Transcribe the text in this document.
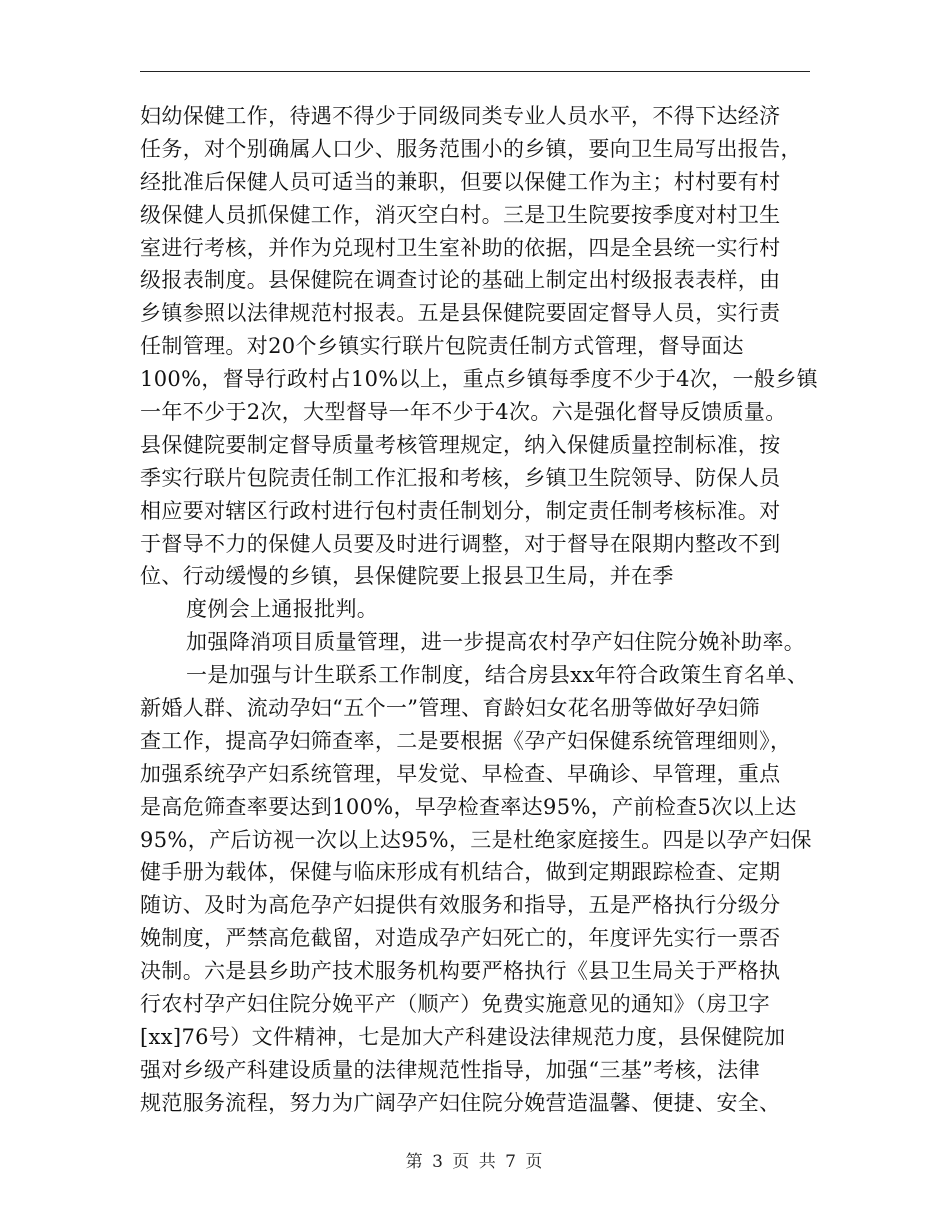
妇幼保健工作，待遇不得少于同级同类专业人员水平，不得下达经济
任务，对个别确属人口少、服务范围小的乡镇，要向卫生局写出报告，
经批准后保健人员可适当的兼职，但要以保健工作为主；村村要有村
级保健人员抓保健工作，消灭空白村。三是卫生院要按季度对村卫生
室进行考核，并作为兑现村卫生室补助的依据，四是全县统一实行村
级报表制度。县保健院在调查讨论的基础上制定出村级报表表样，由
乡镇参照以法律规范村报表。五是县保健院要固定督导人员，实行责
任制管理。对20个乡镇实行联片包院责任制方式管理，督导面达
100%，督导行政村占10%以上，重点乡镇每季度不少于4次，一般乡镇
一年不少于2次，大型督导一年不少于4次。六是强化督导反馈质量。
县保健院要制定督导质量考核管理规定，纳入保健质量控制标准，按
季实行联片包院责任制工作汇报和考核，乡镇卫生院领导、防保人员
相应要对辖区行政村进行包村责任制划分，制定责任制考核标准。对
于督导不力的保健人员要及时进行调整，对于督导在限期内整改不到
位、行动缓慢的乡镇，县保健院要上报县卫生局，并在季
度例会上通报批判。
加强降消项目质量管理，进一步提高农村孕产妇住院分娩补助率。
一是加强与计生联系工作制度，结合房县xx年符合政策生育名单、
新婚人群、流动孕妇“五个一”管理、育龄妇女花名册等做好孕妇筛
查工作，提高孕妇筛查率，二是要根据《孕产妇保健系统管理细则》，
加强系统孕产妇系统管理，早发觉、早检查、早确诊、早管理，重点
是高危筛查率要达到100%，早孕检查率达95%，产前检查5次以上达
95%，产后访视一次以上达95%，三是杜绝家庭接生。四是以孕产妇保
健手册为载体，保健与临床形成有机结合，做到定期跟踪检查、定期
随访、及时为高危孕产妇提供有效服务和指导，五是严格执行分级分
娩制度，严禁高危截留，对造成孕产妇死亡的，年度评先实行一票否
决制。六是县乡助产技术服务机构要严格执行《县卫生局关于严格执
行农村孕产妇住院分娩平产（顺产）免费实施意见的通知》（房卫字
[xx]76号）文件精神，七是加大产科建设法律规范力度，县保健院加
强对乡级产科建设质量的法律规范性指导，加强“三基”考核，法律
规范服务流程，努力为广阔孕产妇住院分娩营造温馨、便捷、安全、
第 3 页 共 7 页
